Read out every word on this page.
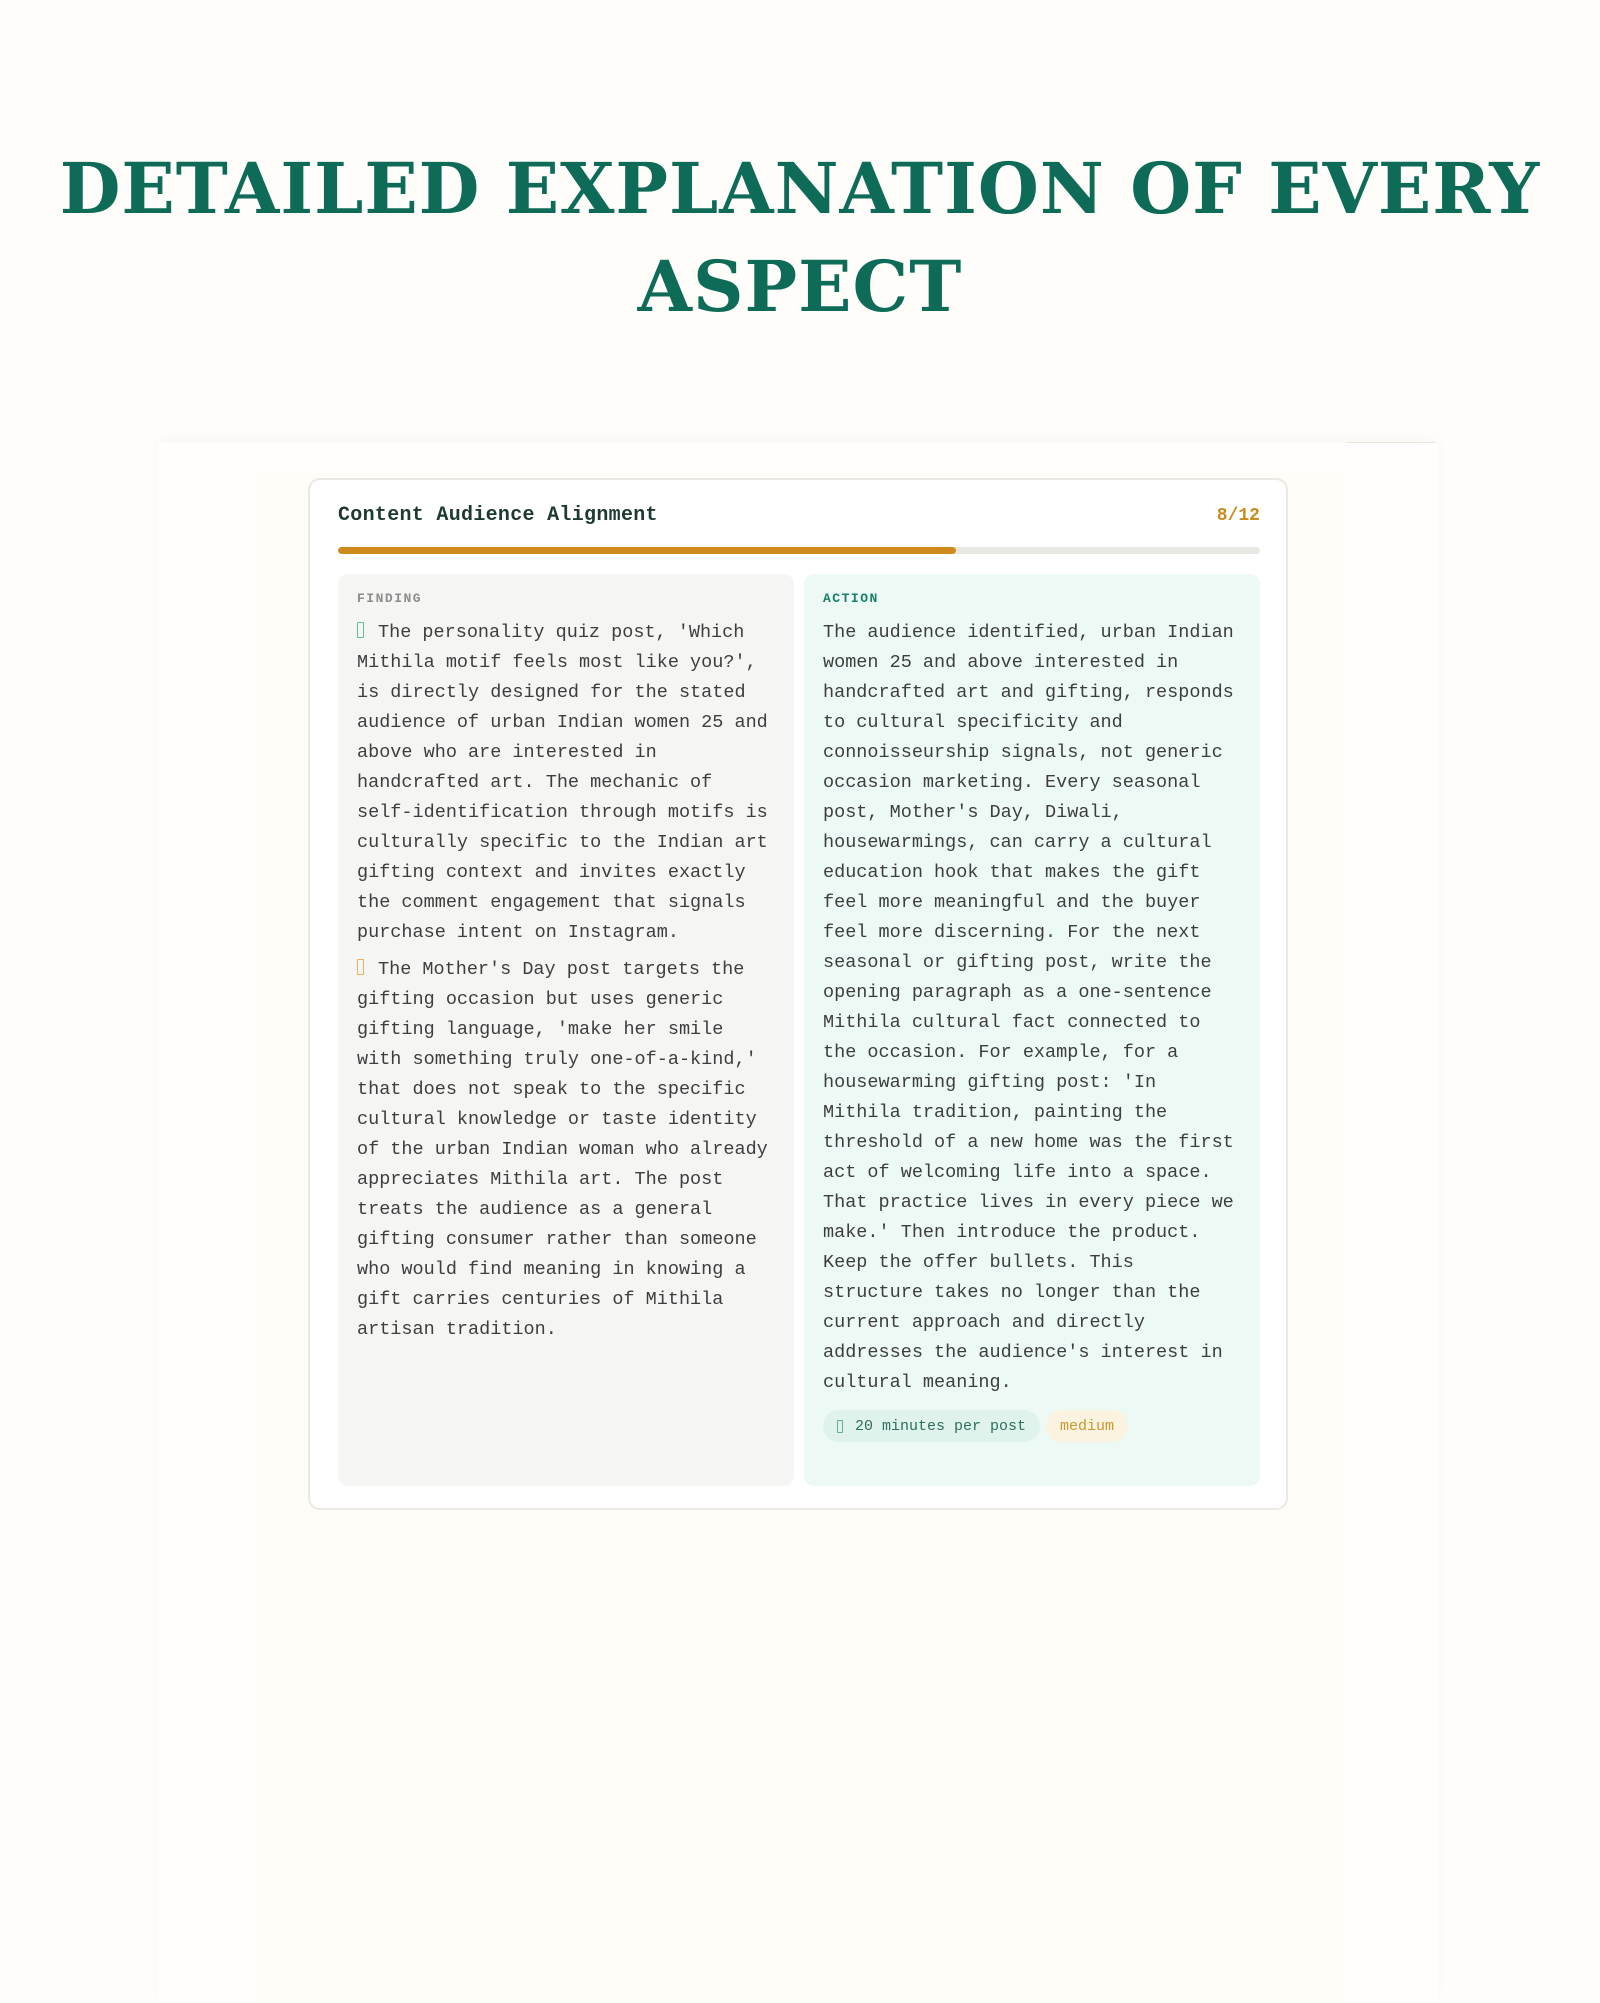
DETAILED EXPLANATION OF EVERY ASPECT
Content Audience Alignment	8/12
FINDING

The personality quiz post, 'Which Mithila motif feels most like you?', is directly designed for the stated audience of urban Indian women 25 and above who are interested in handcrafted art. The mechanic of self-identification through motifs is culturally specific to the Indian art gifting context and invites exactly the comment engagement that signals purchase intent on Instagram.

The Mother's Day post targets the gifting occasion but uses generic gifting language, 'make her smile with something truly one-of-a-kind,' that does not speak to the specific cultural knowledge or taste identity of the urban Indian woman who already appreciates Mithila art. The post treats the audience as a general gifting consumer rather than someone who would find meaning in knowing a gift carries centuries of Mithila artisan tradition.

ACTION

The audience identified, urban Indian women 25 and above interested in handcrafted art and gifting, responds to cultural specificity and connoisseurship signals, not generic occasion marketing. Every seasonal post, Mother's Day, Diwali, housewarmings, can carry a cultural education hook that makes the gift feel more meaningful and the buyer feel more discerning. For the next seasonal or gifting post, write the opening paragraph as a one-sentence Mithila cultural fact connected to the occasion. For example, for a housewarming gifting post: 'In Mithila tradition, painting the threshold of a new home was the first act of welcoming life into a space. That practice lives in every piece we make.' Then introduce the product. Keep the offer bullets. This structure takes no longer than the current approach and directly addresses the audience's interest in cultural meaning.

20 minutes per post	medium
